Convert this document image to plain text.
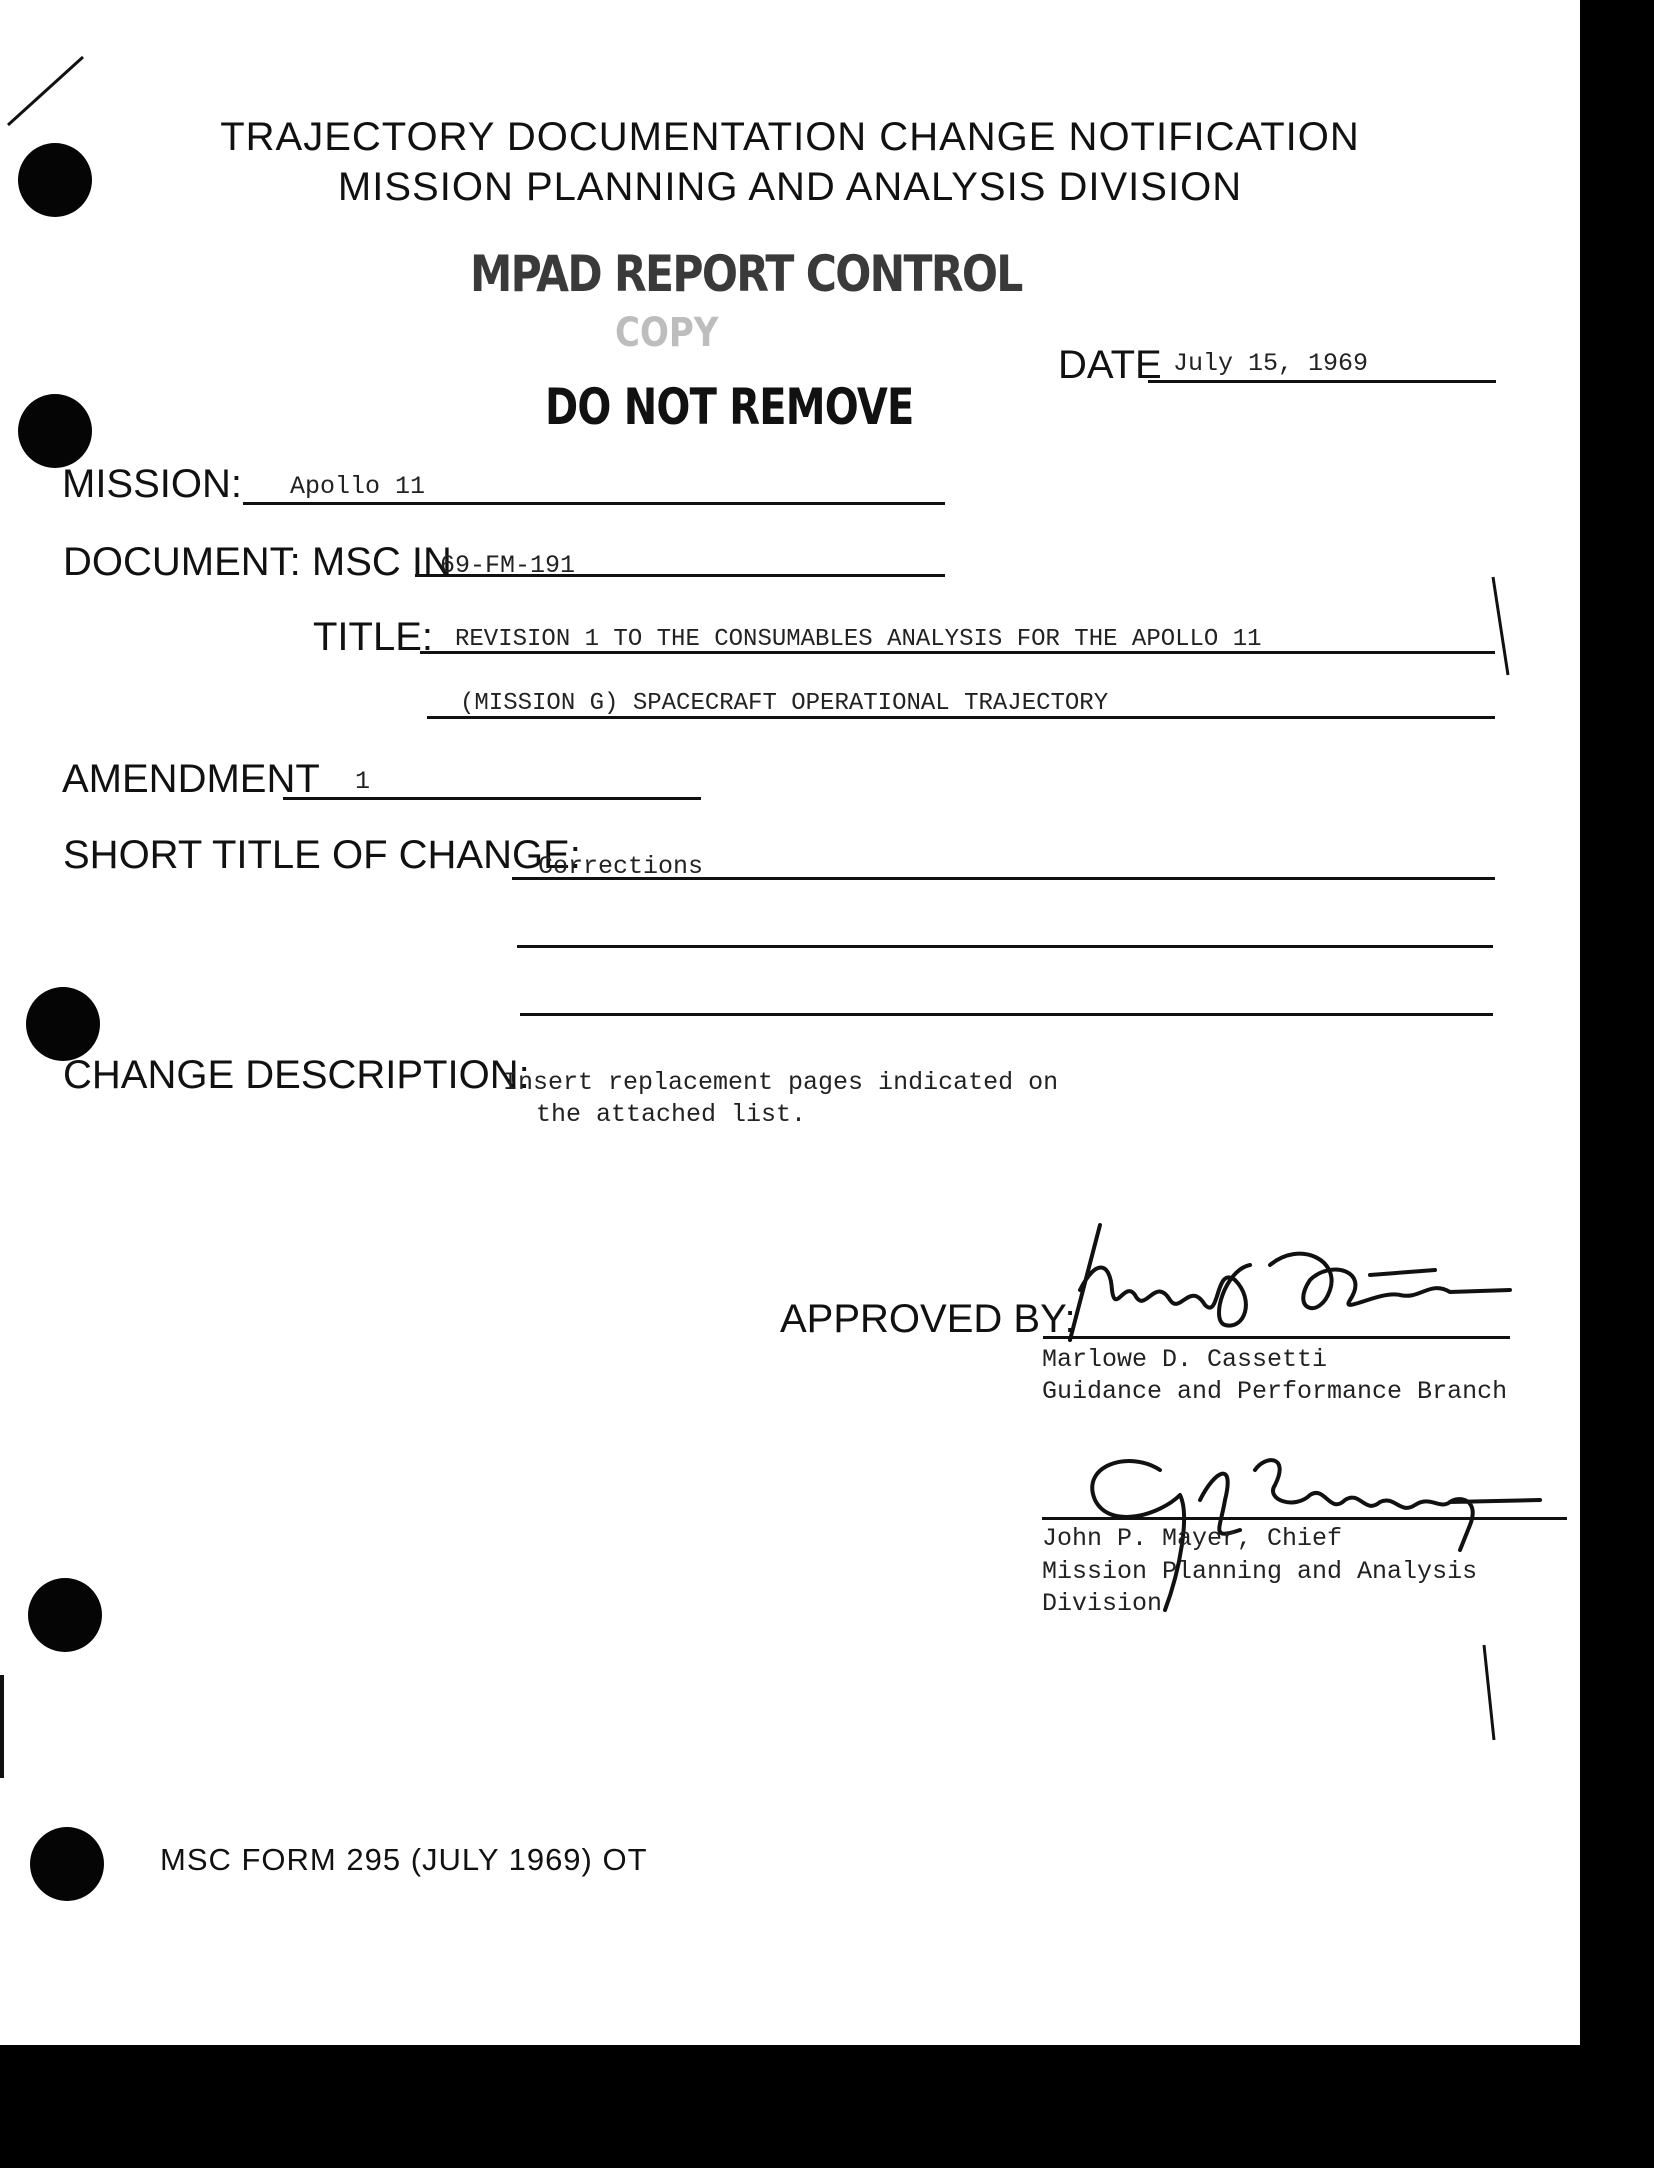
TRAJECTORY DOCUMENTATION CHANGE NOTIFICATION
MISSION PLANNING AND ANALYSIS DIVISION
MPAD REPORT CONTROL
COPY
DO NOT REMOVE
DATE July 15, 1969
MISSION: Apollo 11
DOCUMENT: MSC IN
69-FM-191
TITLE: REVISION 1 TO THE CONSUMABLES ANALYSIS FOR THE APOLLO 11
(MISSION G) SPACECRAFT OPERATIONAL TRAJECTORY
AMENDMENT 1
SHORT TITLE OF CHANGE:
Corrections
CHANGE DESCRIPTION:
Insert replacement pages indicated on
the attached list.
APPROVED BY:
Marlowe D. Cassetti
Guidance and Performance Branch
John P. Mayer, Chief
Mission Planning and Analysis
Division
MSC FORM 295 (JULY 1969) OT
